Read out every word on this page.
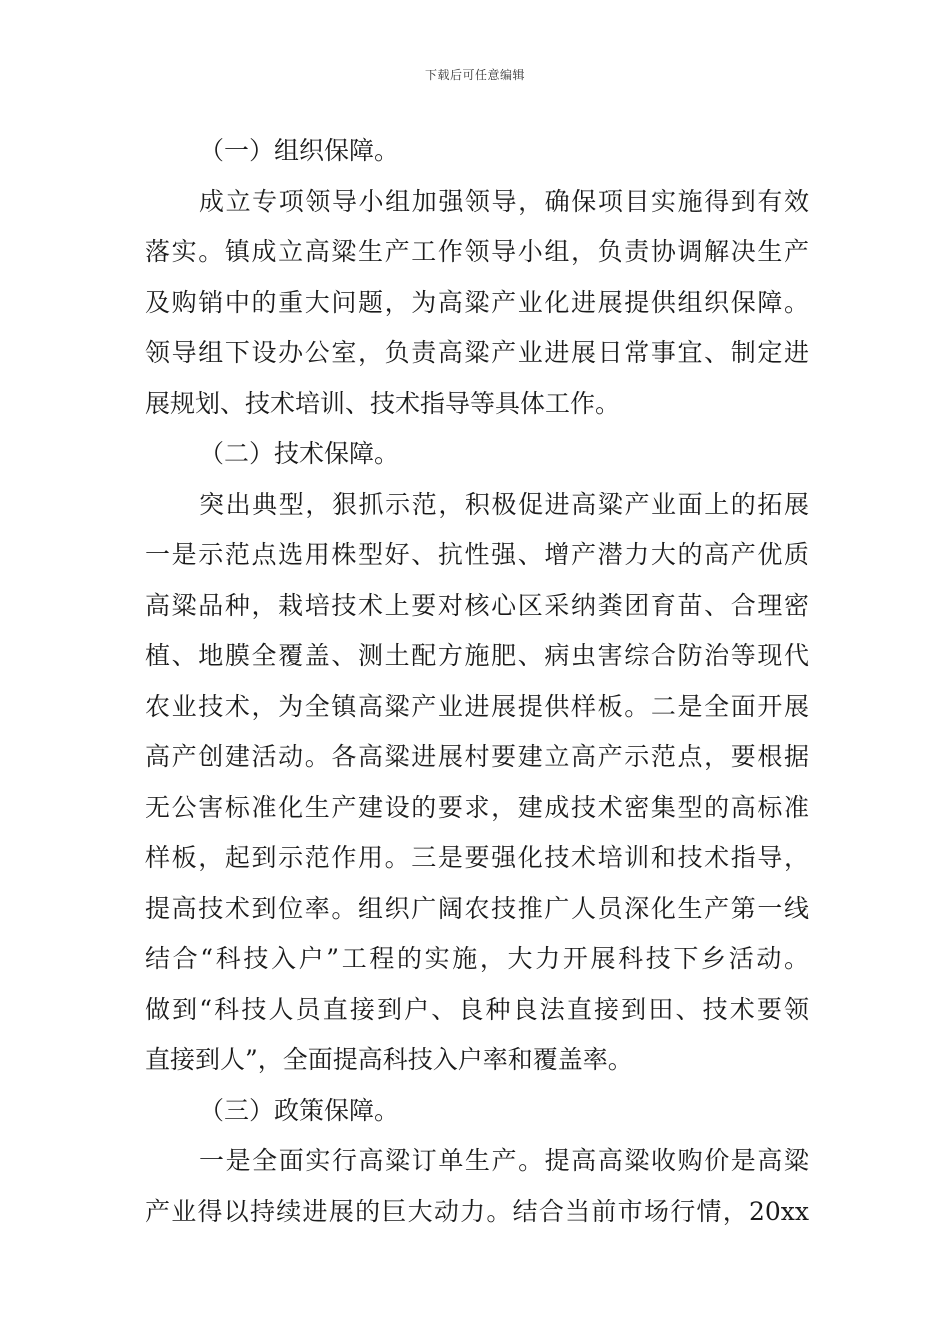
下载后可任意编辑
（一）组织保障。
成立专项领导小组加强领导，确保项目实施得到有效
落实。镇成立高粱生产工作领导小组，负责协调解决生产
及购销中的重大问题，为高粱产业化进展提供组织保障。
领导组下设办公室，负责高粱产业进展日常事宜、制定进
展规划、技术培训、技术指导等具体工作。
（二）技术保障。
突出典型，狠抓示范，积极促进高粱产业面上的拓展
一是示范点选用株型好、抗性强、增产潜力大的高产优质
高粱品种，栽培技术上要对核心区采纳粪团育苗、合理密
植、地膜全覆盖、测土配方施肥、病虫害综合防治等现代
农业技术，为全镇高粱产业进展提供样板。二是全面开展
高产创建活动。各高粱进展村要建立高产示范点，要根据
无公害标准化生产建设的要求，建成技术密集型的高标准
样板，起到示范作用。三是要强化技术培训和技术指导，
提高技术到位率。组织广阔农技推广人员深化生产第一线
结合“科技入户”工程的实施，大力开展科技下乡活动。
做到“科技人员直接到户、良种良法直接到田、技术要领
直接到人”，全面提高科技入户率和覆盖率。
（三）政策保障。
一是全面实行高粱订单生产。提高高粱收购价是高粱
产业得以持续进展的巨大动力。结合当前市场行情，20xx
